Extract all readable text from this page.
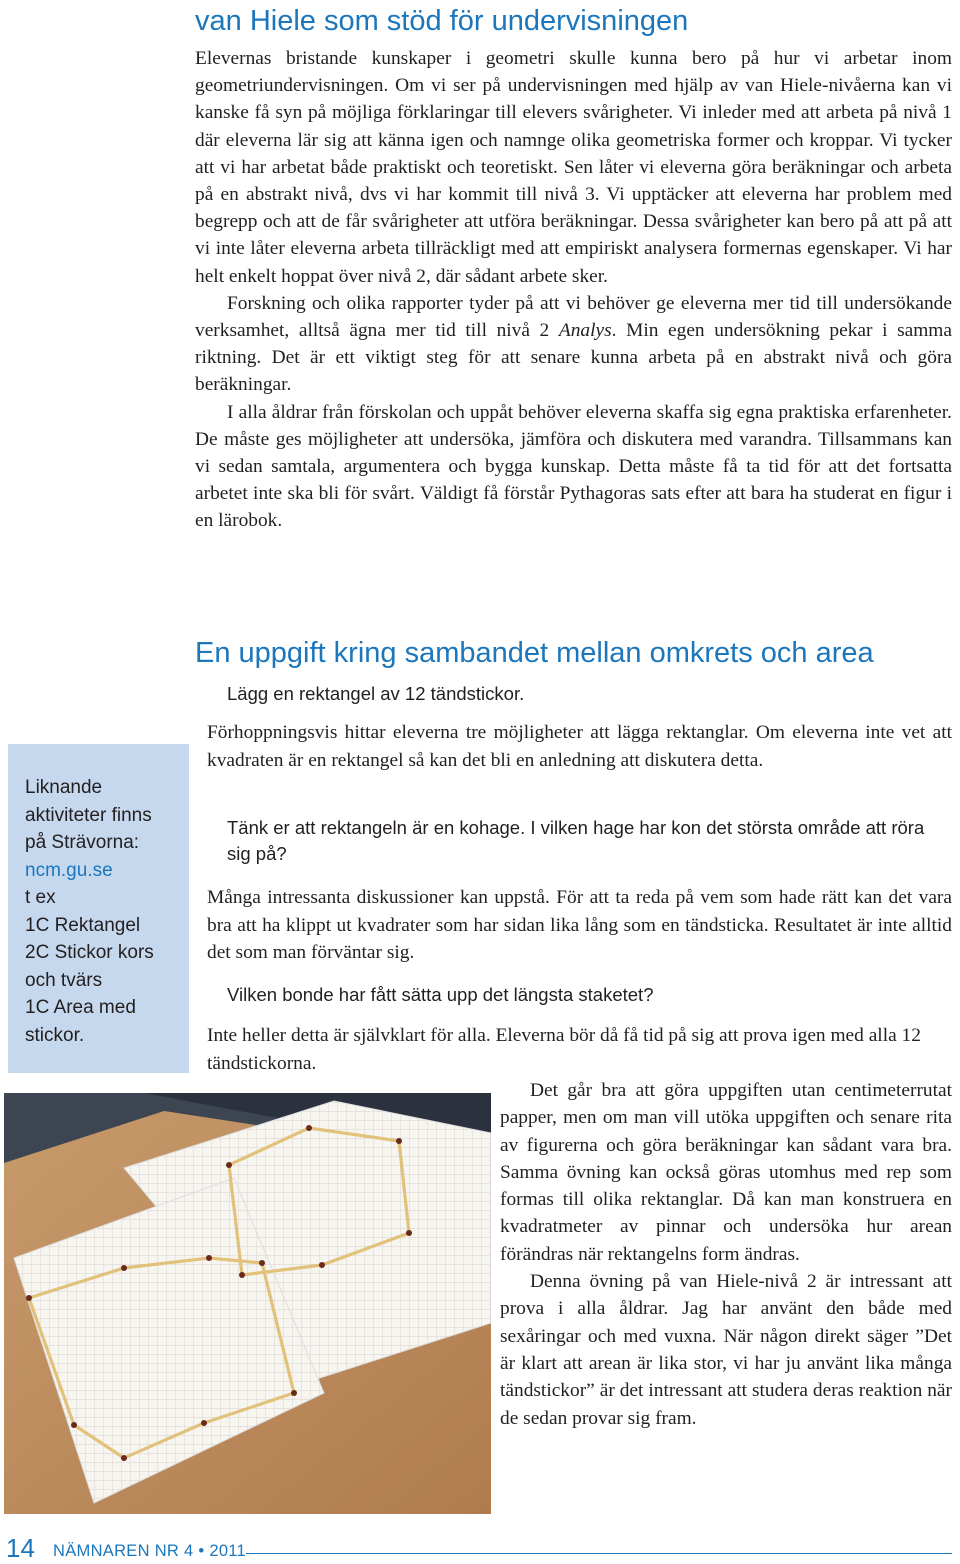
van Hiele som stöd för undervisningen

Elevernas bristande kunskaper i geometri skulle kunna bero på hur vi arbetar inom geometriundervisningen. Om vi ser på undervisningen med hjälp av van Hiele-nivåerna kan vi kanske få syn på möjliga förklaringar till elevers svårigheter. Vi inleder med att arbeta på nivå 1 där eleverna lär sig att känna igen och namnge olika geometriska former och kroppar. Vi tycker att vi har arbetat både praktiskt och teoretiskt. Sen låter vi eleverna göra beräkningar och arbeta på en abstrakt nivå, dvs vi har kommit till nivå 3. Vi upptäcker att eleverna har problem med begrepp och att de får svårigheter att utföra beräkningar. Dessa svårigheter kan bero på att på att vi inte låter eleverna arbeta tillräckligt med att empiriskt analysera formernas egenskaper. Vi har helt enkelt hoppat över nivå 2, där sådant arbete sker.

Forskning och olika rapporter tyder på att vi behöver ge eleverna mer tid till undersökande verksamhet, alltså ägna mer tid till nivå 2 Analys. Min egen undersökning pekar i samma riktning. Det är ett viktigt steg för att senare kunna arbeta på en abstrakt nivå och göra beräkningar.

I alla åldrar från förskolan och uppåt behöver eleverna skaffa sig egna praktiska erfarenheter. De måste ges möjligheter att undersöka, jämföra och diskutera med varandra. Tillsammans kan vi sedan samtala, argumentera och bygga kunskap. Detta måste få ta tid för att det fortsatta arbetet inte ska bli för svårt. Väldigt få förstår Pythagoras sats efter att bara ha studerat en figur i en lärobok.

En uppgift kring sambandet mellan omkrets och area
Lägg en rektangel av 12 tändstickor.

Förhoppningsvis hittar eleverna tre möjligheter att lägga rektanglar. Om eleverna inte vet att kvadraten är en rektangel så kan det bli en anledning att diskutera detta.

Tänk er att rektangeln är en kohage. I vilken hage har kon det största område att röra sig på?

Många intressanta diskussioner kan uppstå. För att ta reda på vem som hade rätt kan det vara bra att ha klippt ut kvadrater som har sidan lika lång som en tändsticka. Resultatet är inte alltid det som man förväntar sig.

Vilken bonde har fått sätta upp det längsta staketet?

Inte heller detta är självklart för alla. Eleverna bör då få tid på sig att prova igen med alla 12 tändstickorna.

Liknande
aktiviteter finns
på Strävorna:
ncm.gu.se
t ex
1C Rektangel
2C Stickor kors
och tvärs
1C Area med
stickor.

Det går bra att göra uppgiften utan centimeterrutat papper, men om man vill utöka uppgiften och senare rita av figurerna och göra beräkningar kan sådant vara bra. Samma övning kan också göras utomhus med rep som formas till olika rektanglar. Då kan man konstruera en kvadratmeter av pinnar och undersöka hur arean förändras när rektangelns form ändras.

Denna övning på van Hiele-nivå 2 är intressant att prova i alla åldrar. Jag har använt den både med sexåringar och med vuxna. När någon direkt säger ”Det är klart att arean är lika stor, vi har ju använt lika många tändstickor” är det intressant att studera deras reaktion när de sedan provar sig fram.

14 NÄMNAREN NR 4 • 2011
